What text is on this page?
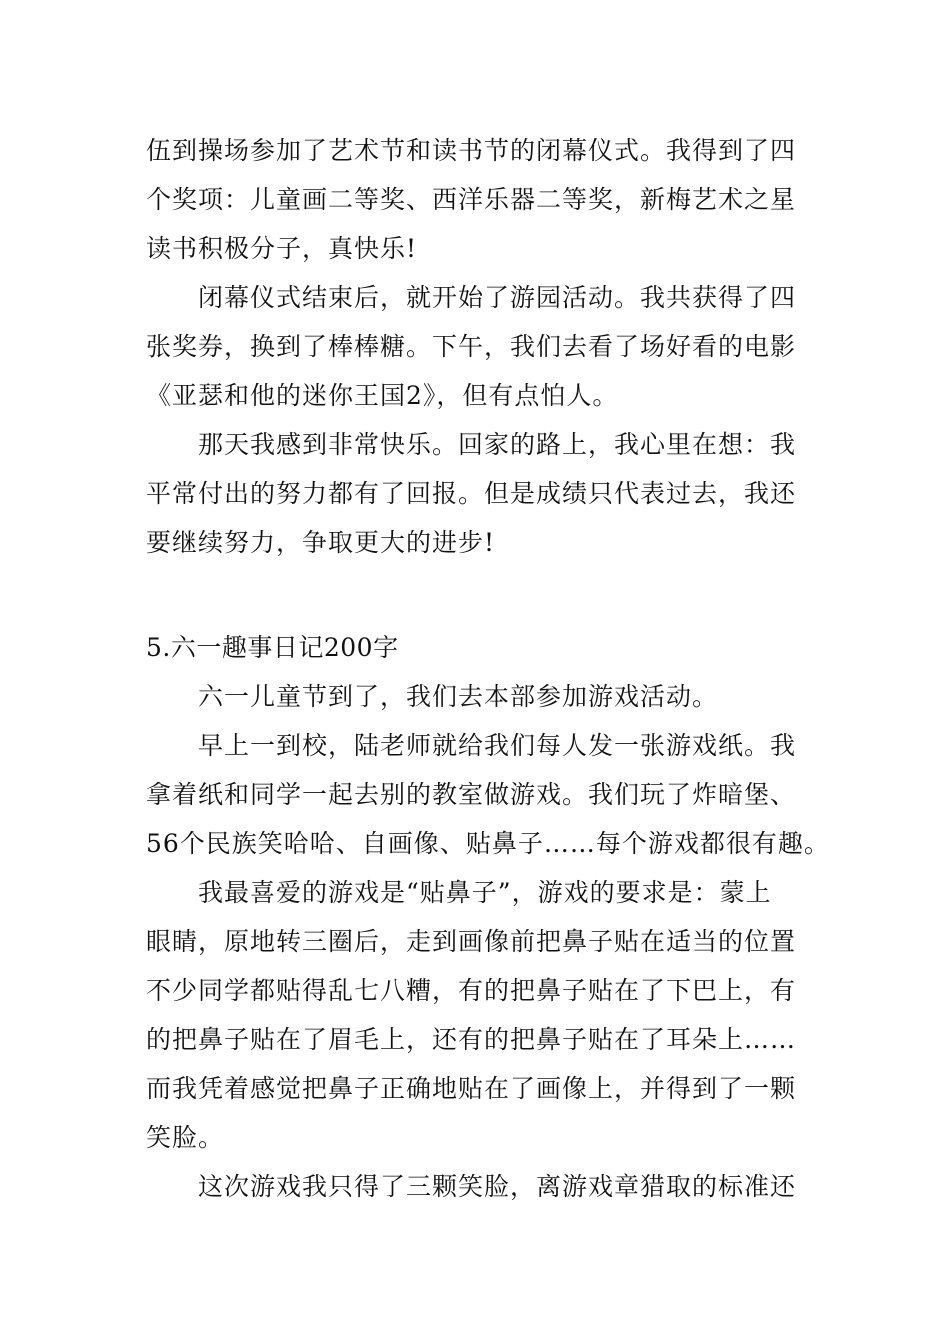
伍到操场参加了艺术节和读书节的闭幕仪式。我得到了四
个奖项：儿童画二等奖、西洋乐器二等奖，新梅艺术之星
读书积极分子，真快乐!
闭幕仪式结束后，就开始了游园活动。我共获得了四
张奖券，换到了棒棒糖。下午，我们去看了场好看的电影
《亚瑟和他的迷你王国2》，但有点怕人。
那天我感到非常快乐。回家的路上，我心里在想：我
平常付出的努力都有了回报。但是成绩只代表过去，我还
要继续努力，争取更大的进步!
5.六一趣事日记200字
六一儿童节到了，我们去本部参加游戏活动。
早上一到校，陆老师就给我们每人发一张游戏纸。我
拿着纸和同学一起去别的教室做游戏。我们玩了炸暗堡、
56个民族笑哈哈、自画像、贴鼻子……每个游戏都很有趣。
我最喜爱的游戏是“贴鼻子”，游戏的要求是：蒙上
眼睛，原地转三圈后，走到画像前把鼻子贴在适当的位置
不少同学都贴得乱七八糟，有的把鼻子贴在了下巴上，有
的把鼻子贴在了眉毛上，还有的把鼻子贴在了耳朵上……
而我凭着感觉把鼻子正确地贴在了画像上，并得到了一颗
笑脸。
这次游戏我只得了三颗笑脸，离游戏章猎取的标准还
